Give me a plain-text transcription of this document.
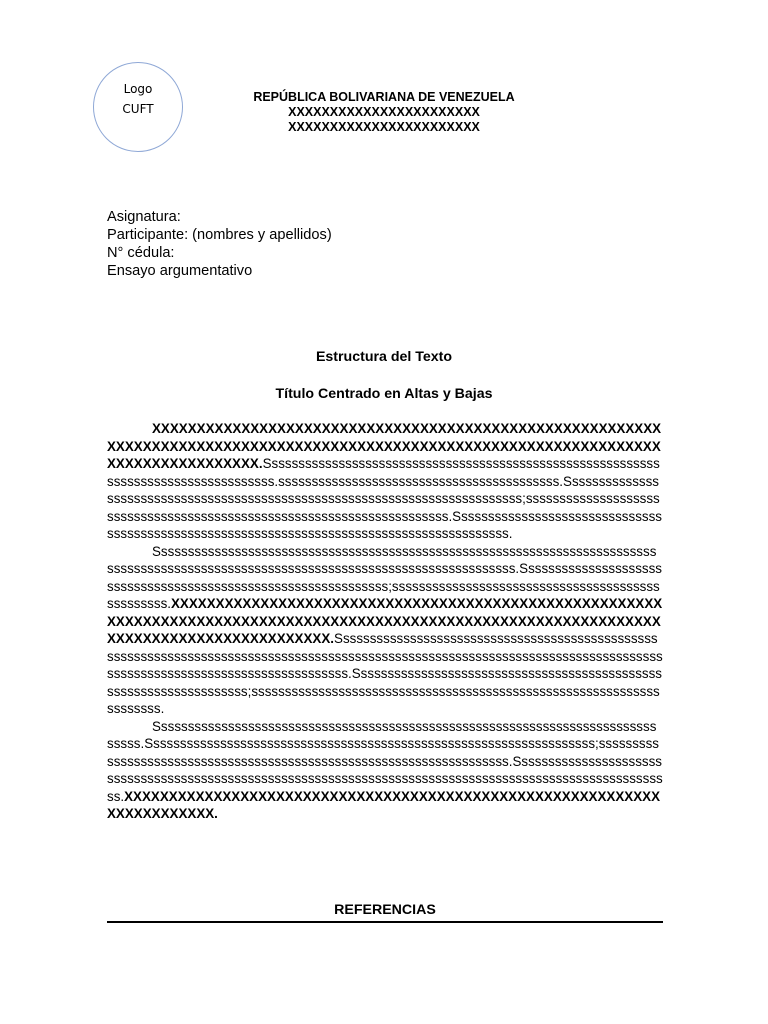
Logo
CUFT
REPÚBLICA BOLIVARIANA DE VENEZUELA
XXXXXXXXXXXXXXXXXXXXXXX
XXXXXXXXXXXXXXXXXXXXXXX
Asignatura:
Participante: (nombres y apellidos)
N° cédula:
Ensayo argumentativo
Estructura del Texto
Título Centrado en Altas y Bajas

XXXXXXXXXXXXXXXXXXXXXXXXXXXXXXXXXXXXXXXXXXXXXXXXXXXXXXXXXXXXXXXXXXXXXXXXXXXXXXXXXXXXXXXXXXXXXXXXXXXXXXXXXXXXXXXXXXXXXXXXXXXXXXXXXXXXXXXX.Ssssssssssssssssssssssssssssssssssssssssssssssssssssssssssssssssssssssssssssssssssss.ssssssssssssssssssssssssssssssssssssssssss.Ssssssssssssssssssssssssssssssssssssssssssssssssssssssssssssssssssssssssssss;sssssssssssssssssssssssssssssssssssssssssssssssssssssssssssssssssssssss.Sssssssssssssssssssssssssssssssssssssssssssssssssssssssssssssssssssssssssssssssssssssssssss.

Ssssssssssssssssssssssssssssssssssssssssssssssssssssssssssssssssssssssssssssssssssssssssssssssssssssssssssssssssssssssssssssssssssssssss.Sssssssssssssssssssssssssssssssssssssssssssssssssssssssssssssss;sssssssssssssssssssssssssssssssssssssssssssssssss.XXXXXXXXXXXXXXXXXXXXXXXXXXXXXXXXXXXXXXXXXXXXXXXXXXXXXXXXXXXXXXXXXXXXXXXXXXXXXXXXXXXXXXXXXXXXXXXXXXXXXXXXXXXXXXXXXXXXXXXXXXXXXXXXXXXXXXXXXXXXXX.Sssssssssssssssssssssssssssssssssssssssssssssssssssssssssssssssssssssssssssssssssssssssssssssssssssssssssssssssssssssssssssssssssssssssssssssssssssssssssssssssssssssss.Sssssssssssssssssssssssssssssssssssssssssssssssssssssssssssssssssss;sssssssssssssssssssssssssssssssssssssssssssssssssssssssssssssssssssss.

Ssssssssssssssssssssssssssssssssssssssssssssssssssssssssssssssssssssssssssssssss.Sssssssssssssssssssssssssssssssssssssssssssssssssssssssssssssssssss;sssssssssssssssssssssssssssssssssssssssssssssssssssssssssssssssssssss.Sssssssssssssssssssssssssssssssssssssssssssssssssssssssssssssssssssssssssssssssssssssssssssssssssssssssssss.XXXXXXXXXXXXXXXXXXXXXXXXXXXXXXXXXXXXXXXXXXXXXXXXXXXXXXXXXXXXXXXXXXXXXXXX.

REFERENCIAS
